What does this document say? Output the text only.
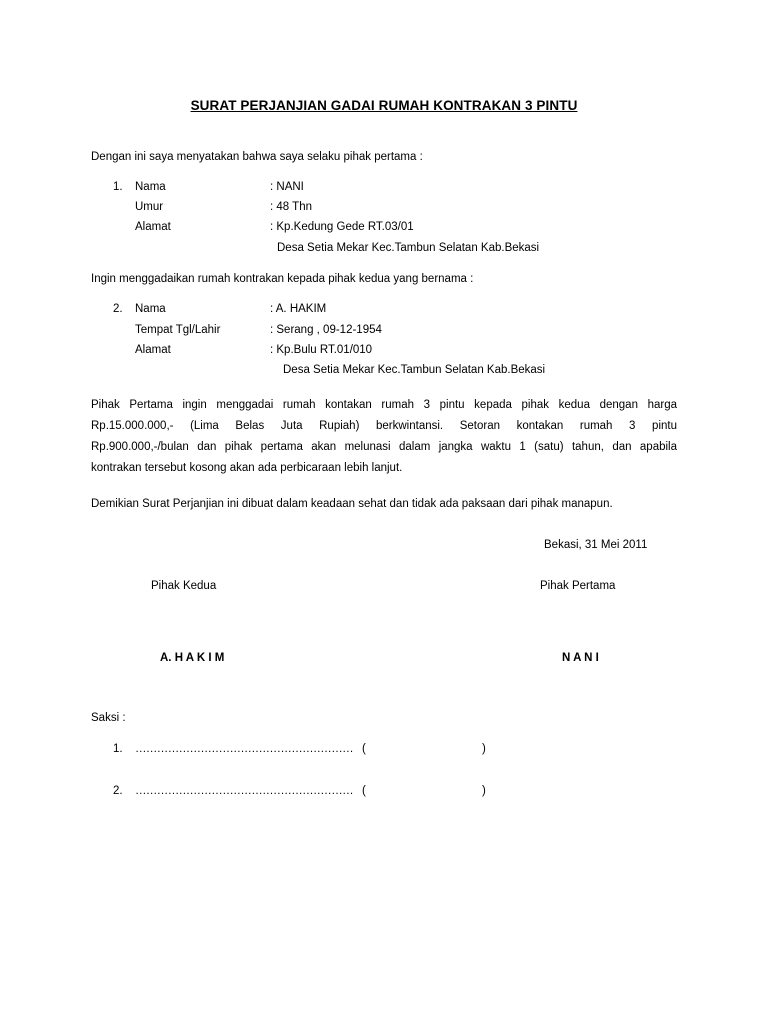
SURAT PERJANJIAN GADAI RUMAH KONTRAKAN 3 PINTU
Dengan ini saya menyatakan bahwa saya selaku pihak pertama :
1. Nama	: NANI
Umur	: 48 Thn
Alamat	: Kp.Kedung Gede RT.03/01
Desa Setia Mekar Kec.Tambun Selatan Kab.Bekasi
Ingin menggadaikan rumah kontrakan kepada pihak kedua yang bernama :
2. Nama	: A. HAKIM
Tempat Tgl/Lahir	: Serang , 09-12-1954
Alamat	: Kp.Bulu RT.01/010
Desa Setia Mekar Kec.Tambun Selatan Kab.Bekasi
Pihak Pertama ingin menggadai rumah kontakan rumah 3 pintu kepada pihak kedua dengan harga
Rp.15.000.000,- (Lima Belas Juta Rupiah) berkwintansi. Setoran kontakan rumah 3 pintu
Rp.900.000,-/bulan dan pihak pertama akan melunasi dalam jangka waktu 1 (satu) tahun, dan apabila
kontrakan tersebut kosong akan ada perbicaraan lebih lanjut.
Demikian Surat Perjanjian ini dibuat dalam keadaan sehat dan tidak ada paksaan dari pihak manapun.
Bekasi, 31 Mei 2011
Pihak Kedua	Pihak Pertama
A. H A K I M	N A N I
Saksi :
1. …………………………………………………… (	)
2. …………………………………………………… (	)
